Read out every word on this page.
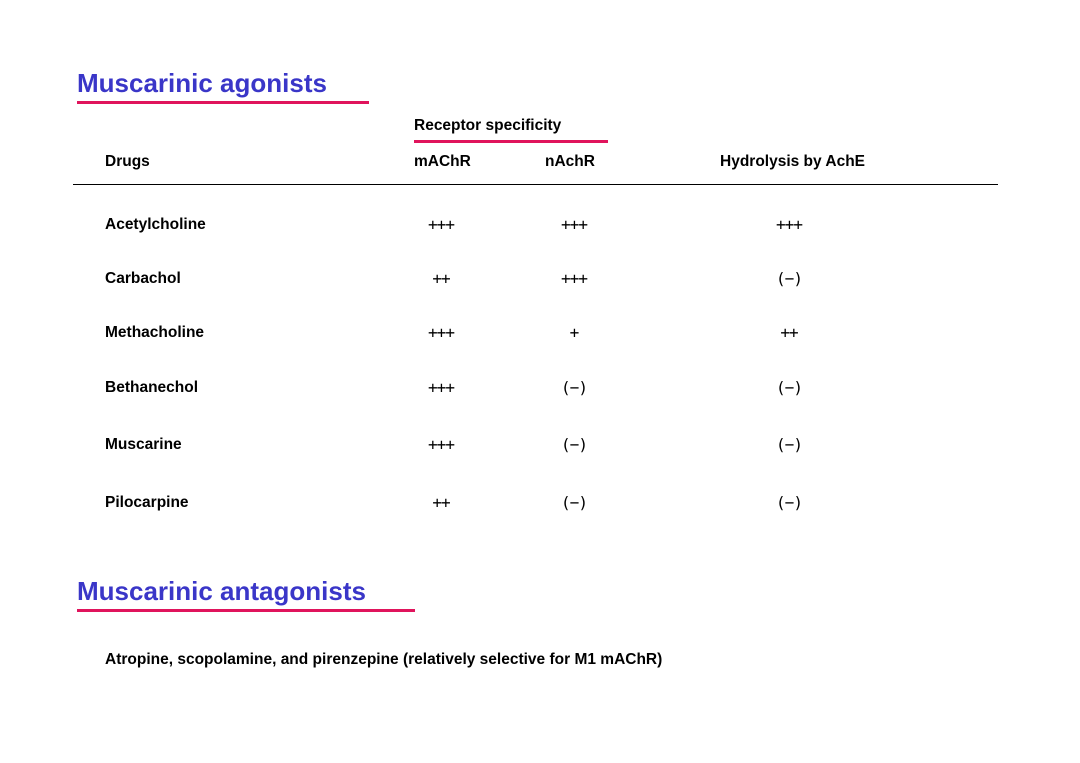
Muscarinic agonists
Receptor specificity
Drugs	mAChR	nAchR	Hydrolysis by AchE
Acetylcholine	+++	+++	+++
Carbachol	++	+++	(−)
Methacholine	+++	+	++
Bethanechol	+++	(−)	(−)
Muscarine	+++	(−)	(−)
Pilocarpine	++	(−)	(−)
Muscarinic antagonists
Atropine, scopolamine, and pirenzepine (relatively selective for M1 mAChR)
